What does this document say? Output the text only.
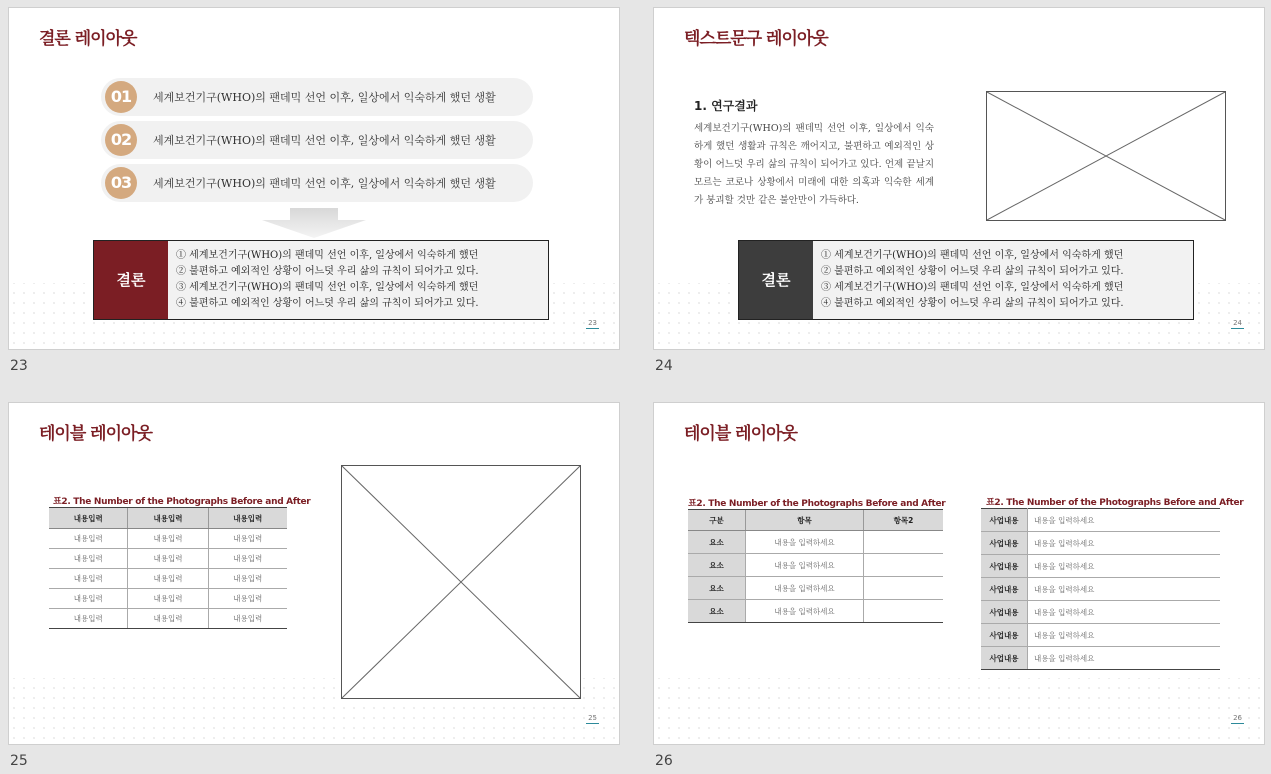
결론 레이아웃
01	세계보건기구(WHO)의 팬데믹 선언 이후, 일상에서 익숙하게 했던 생활
02	세계보건기구(WHO)의 팬데믹 선언 이후, 일상에서 익숙하게 했던 생활
03	세계보건기구(WHO)의 팬데믹 선언 이후, 일상에서 익숙하게 했던 생활
결론
① 세계보건기구(WHO)의 팬데믹 선언 이후, 일상에서 익숙하게 했던
② 불편하고 예외적인 상황이 어느덧 우리 삶의 규칙이 되어가고 있다.
③ 세계보건기구(WHO)의 팬데믹 선언 이후, 일상에서 익숙하게 했던
④ 불편하고 예외적인 상황이 어느덧 우리 삶의 규칙이 되어가고 있다.
23
23
텍스트문구 레이아웃
1. 연구결과
세계보건기구(WHO)의 팬데믹 선언 이후, 일상에서 익숙하게 했던 생활과 규칙은 깨어지고, 불편하고 예외적인 상황이 어느덧 우리 삶의 규칙이 되어가고 있다. 언제 끝날지 모르는 코로나 상황에서 미래에 대한 의혹과 익숙한 세계가 붕괴할 것만 같은 불안만이 가득하다.
결론
① 세계보건기구(WHO)의 팬데믹 선언 이후, 일상에서 익숙하게 했던
② 불편하고 예외적인 상황이 어느덧 우리 삶의 규칙이 되어가고 있다.
③ 세계보건기구(WHO)의 팬데믹 선언 이후, 일상에서 익숙하게 했던
④ 불편하고 예외적인 상황이 어느덧 우리 삶의 규칙이 되어가고 있다.
24
24
테이블 레이아웃
표2. The Number of the Photographs Before and After
내용입력	내용입력	내용입력
내용입력	내용입력	내용입력
내용입력	내용입력	내용입력
내용입력	내용입력	내용입력
내용입력	내용입력	내용입력
내용입력	내용입력	내용입력
25
25
테이블 레이아웃
표2. The Number of the Photographs Before and After
구분	항목	항목2
요소	내용을 입력하세요	
요소	내용을 입력하세요	
요소	내용을 입력하세요	
요소	내용을 입력하세요	
표2. The Number of the Photographs Before and After
사업내용	내용을 입력하세요
사업내용	내용을 입력하세요
사업내용	내용을 입력하세요
사업내용	내용을 입력하세요
사업내용	내용을 입력하세요
사업내용	내용을 입력하세요
사업내용	내용을 입력하세요
26
26
